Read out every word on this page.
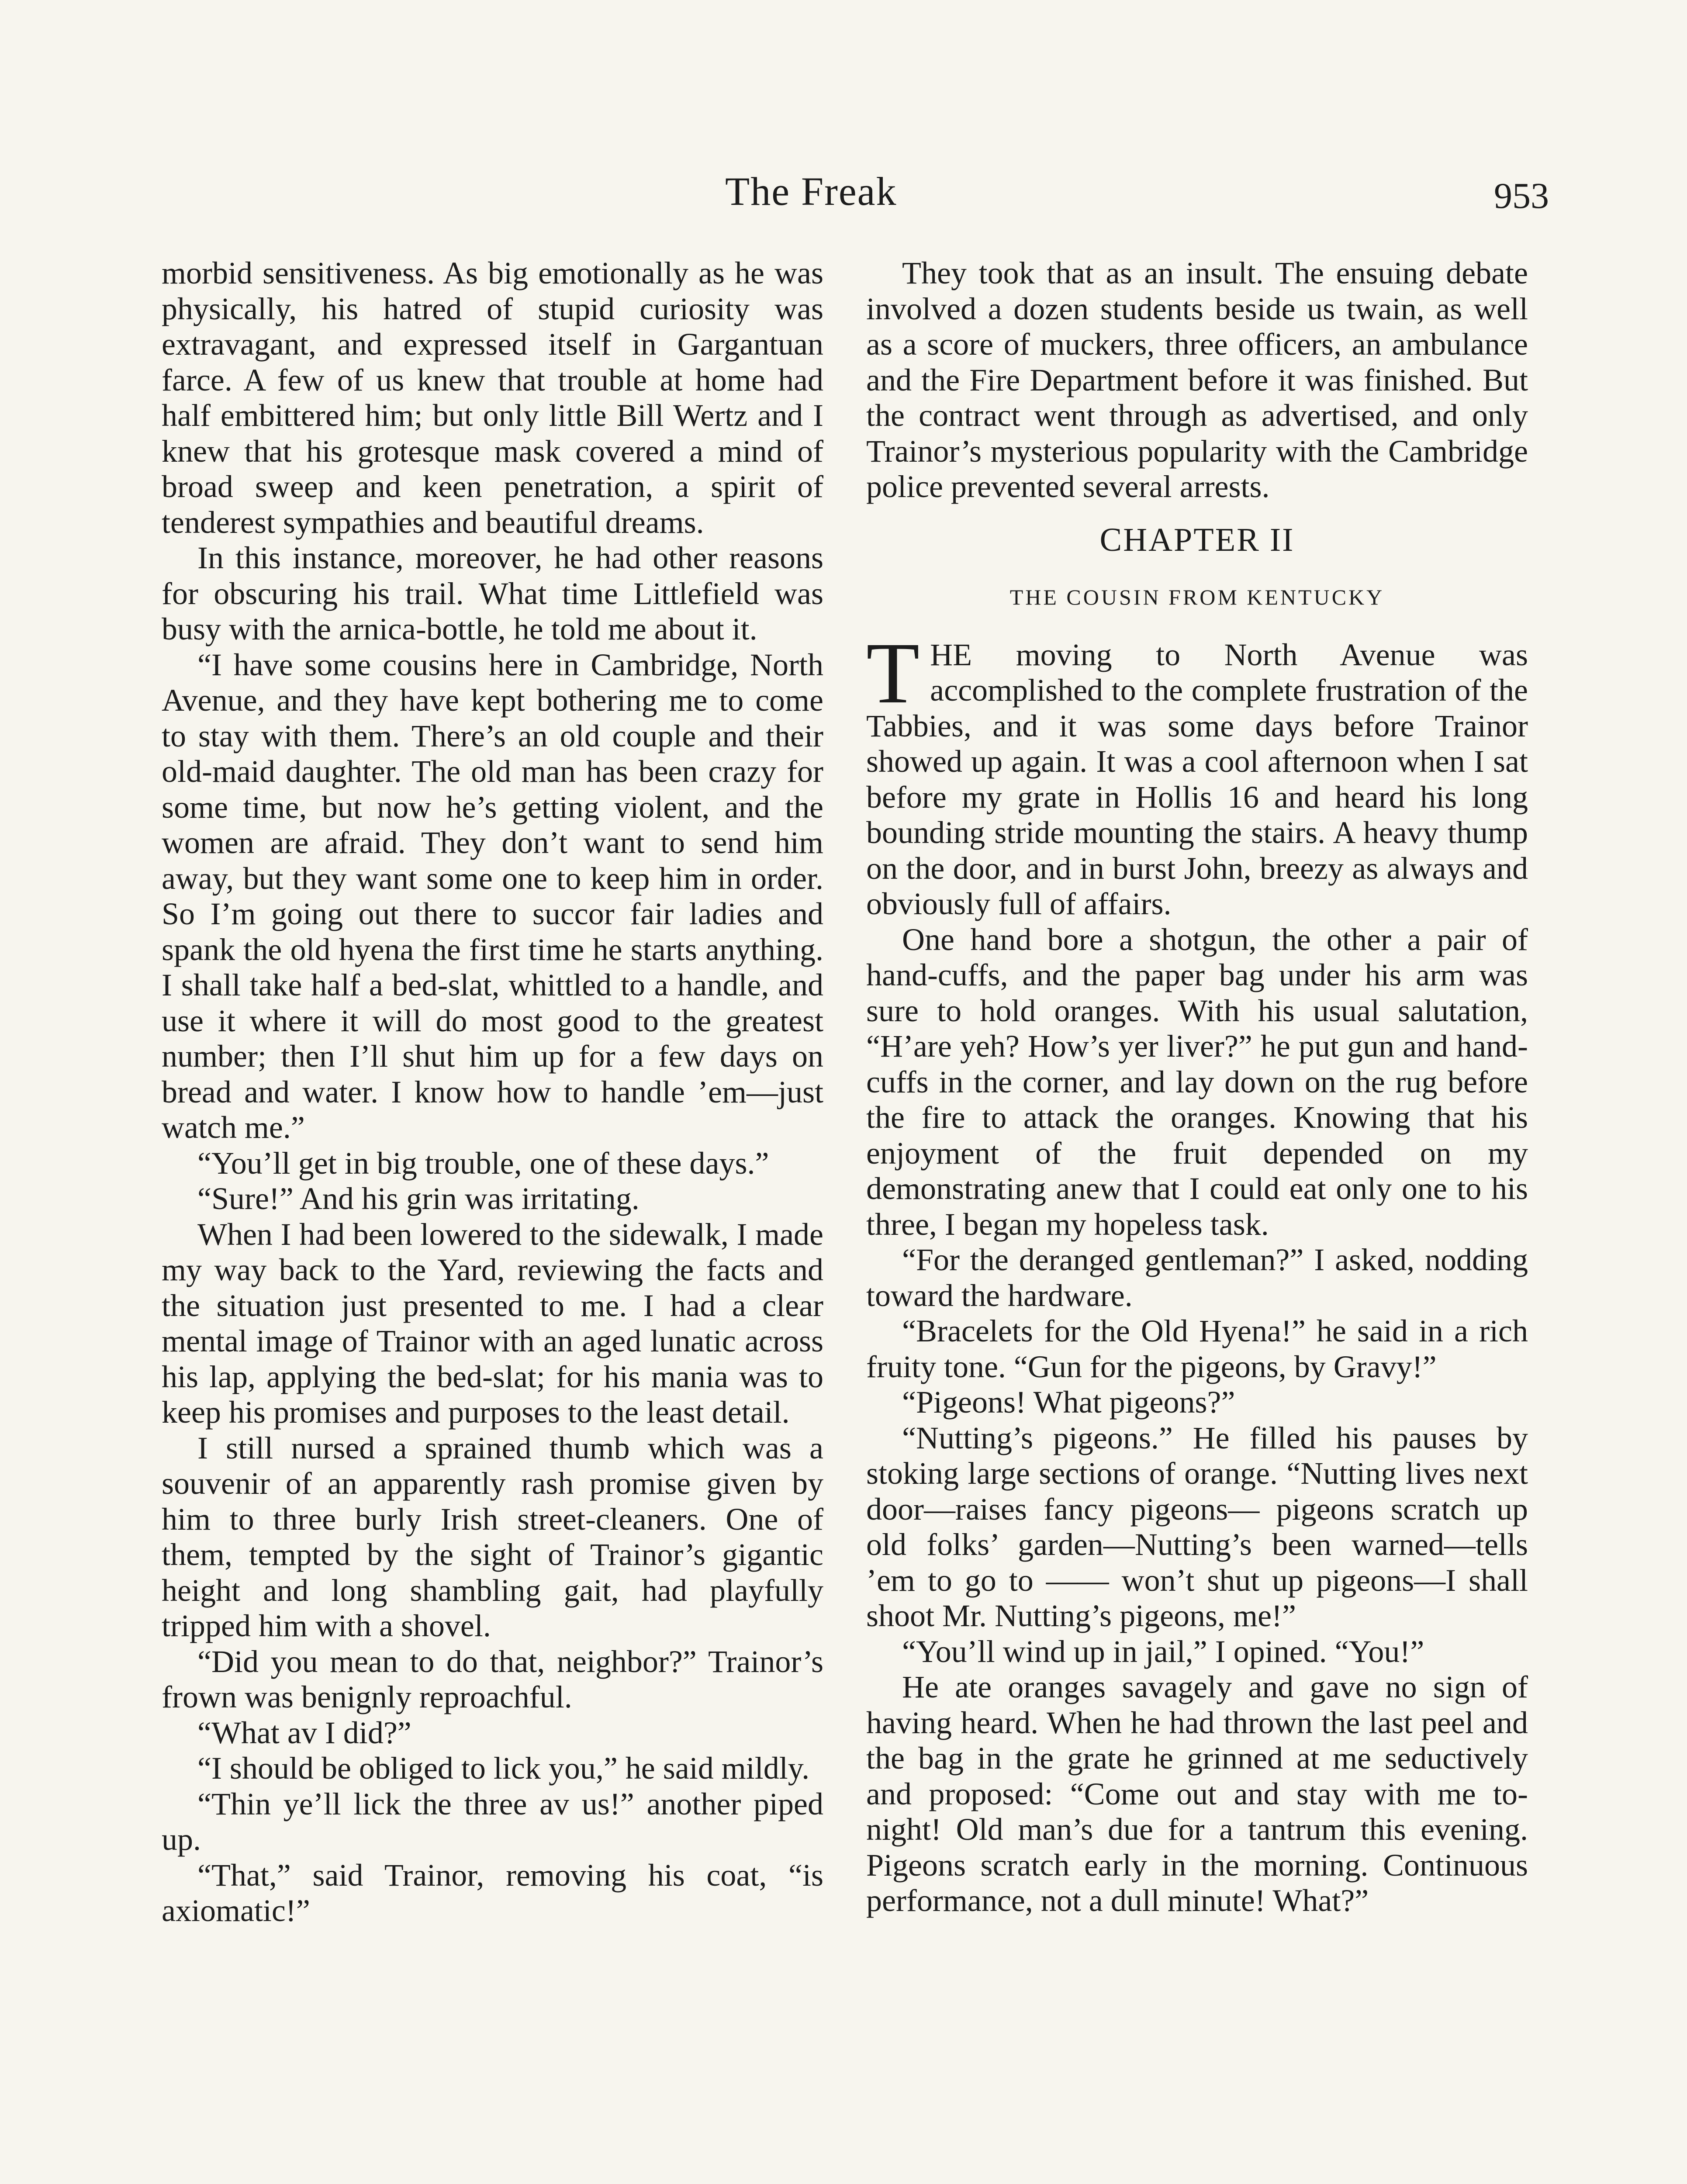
The Freak	953

morbid sensitiveness. As big emotionally as he was physically, his hatred of stupid curiosity was extravagant, and expressed itself in Gargantuan farce. A few of us knew that trouble at home had half embittered him; but only little Bill Wertz and I knew that his grotesque mask covered a mind of broad sweep and keen penetration, a spirit of tenderest sympathies and beautiful dreams.

In this instance, moreover, he had other reasons for obscuring his trail. What time Littlefield was busy with the arnica-bottle, he told me about it.

“I have some cousins here in Cambridge, North Avenue, and they have kept bothering me to come to stay with them. There’s an old couple and their old-maid daughter. The old man has been crazy for some time, but now he’s getting violent, and the women are afraid. They don’t want to send him away, but they want some one to keep him in order. So I’m going out there to succor fair ladies and spank the old hyena the first time he starts anything. I shall take half a bed-slat, whittled to a handle, and use it where it will do most good to the greatest number; then I’ll shut him up for a few days on bread and water. I know how to handle ’em—just watch me.”

“You’ll get in big trouble, one of these days.”

“Sure!” And his grin was irritating.

When I had been lowered to the sidewalk, I made my way back to the Yard, reviewing the facts and the situation just presented to me. I had a clear mental image of Trainor with an aged lunatic across his lap, applying the bed-slat; for his mania was to keep his promises and purposes to the least detail.

I still nursed a sprained thumb which was a souvenir of an apparently rash promise given by him to three burly Irish street-cleaners. One of them, tempted by the sight of Trainor’s gigantic height and long shambling gait, had playfully tripped him with a shovel.

“Did you mean to do that, neighbor?” Trainor’s frown was benignly reproachful.

“What av I did?”

“I should be obliged to lick you,” he said mildly.

“Thin ye’ll lick the three av us!” another piped up.

“That,” said Trainor, removing his coat, “is axiomatic!”

They took that as an insult. The ensuing debate involved a dozen students beside us twain, as well as a score of muckers, three officers, an ambulance and the Fire Department before it was finished. But the contract went through as advertised, and only Trainor’s mysterious popularity with the Cambridge police prevented several arrests.

CHAPTER II
THE COUSIN FROM KENTUCKY

THE moving to North Avenue was accomplished to the complete frustration of the Tabbies, and it was some days before Trainor showed up again. It was a cool afternoon when I sat before my grate in Hollis 16 and heard his long bounding stride mounting the stairs. A heavy thump on the door, and in burst John, breezy as always and obviously full of affairs.

One hand bore a shotgun, the other a pair of hand-cuffs, and the paper bag under his arm was sure to hold oranges. With his usual salutation, “H’are yeh? How’s yer liver?” he put gun and hand-cuffs in the corner, and lay down on the rug before the fire to attack the oranges. Knowing that his enjoyment of the fruit depended on my demonstrating anew that I could eat only one to his three, I began my hopeless task.

“For the deranged gentleman?” I asked, nodding toward the hardware.

“Bracelets for the Old Hyena!” he said in a rich fruity tone. “Gun for the pigeons, by Gravy!”

“Pigeons! What pigeons?”

“Nutting’s pigeons.” He filled his pauses by stoking large sections of orange. “Nutting lives next door—raises fancy pigeons— pigeons scratch up old folks’ garden—Nutting’s been warned—tells ’em to go to —— won’t shut up pigeons—I shall shoot Mr. Nutting’s pigeons, me!”

“You’ll wind up in jail,” I opined. “You!”

He ate oranges savagely and gave no sign of having heard. When he had thrown the last peel and the bag in the grate he grinned at me seductively and proposed: “Come out and stay with me to-night! Old man’s due for a tantrum this evening. Pigeons scratch early in the morning. Continuous performance, not a dull minute! What?”
